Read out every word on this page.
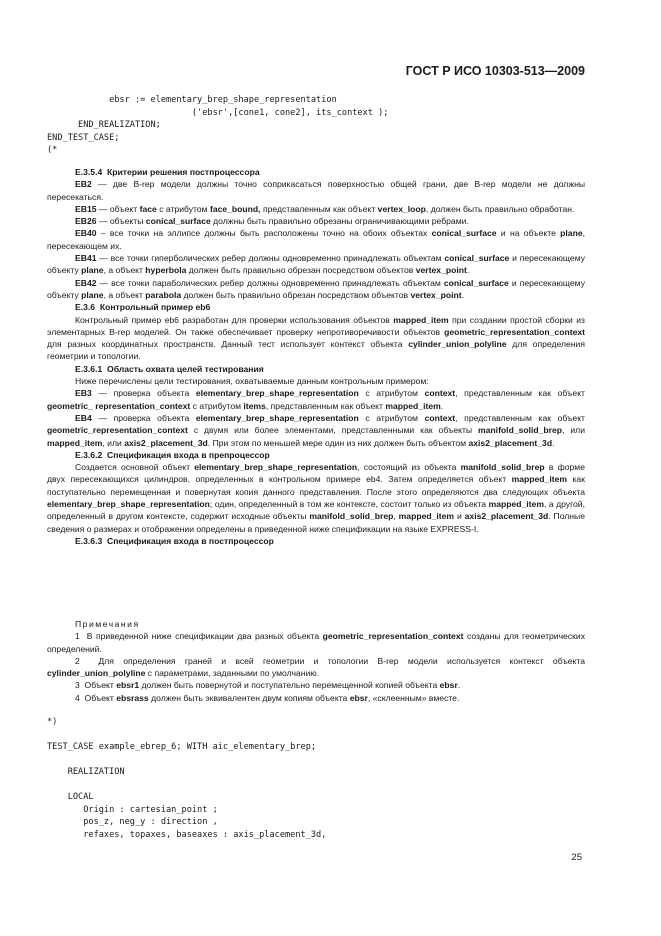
ГОСТ Р ИСО 10303-513—2009
ebsr := elementary_brep_shape_representation
('ebsr',[cone1, cone2], its_context );
END_REALIZATION;
END_TEST_CASE;
(*

E.3.5.4  Критерии решения постпроцессора

EB2 — две B-rep модели должны точно соприкасаться поверхностью общей грани, две B-rep модели не должны пересекаться.

EB15 — объект face с атрибутом face_bound, представленным как объект vertex_loop, должен быть правильно обработан.

EB26 — объекты conical_surface должны быть правильно обрезаны ограничивающими ребрами.

EB40 – все точки на эллипсе должны быть расположены точно на обоих объектах conical_surface и на объекте plane, пересекающем их.

EB41 — все точки гиперболических ребер должны одновременно принадлежать объектам conical_surface и пересекающему объекту plane, а объект hyperbola должен быть правильно обрезан посредством объектов vertex_point.

EB42 — все точки параболических ребер должны одновременно принадлежать объектам conical_surface и пересекающему объекту plane, а объект parabola должен быть правильно обрезан посредством объектов vertex_point.

E.3.6  Контрольный пример eb6

Контрольный пример eb6 разработан для проверки использования объектов mapped_item при создании простой сборки из элементарных B-rep моделей. Он также обеспечивает проверку непротиворечивости объектов geometric_representation_context для разных координатных пространств. Данный тест использует контекст объекта cylinder_union_polyline для определения геометрии и топологии.

E.3.6.1  Область охвата целей тестирования

Ниже перечислены цели тестирования, охватываемые данным контрольным примером:

EB3 — проверка объекта elementary_brep_shape_representation с атрибутом context, представленным как объект geometric_ representation_context с атрибутом items, представленным как объект mapped_item.

EB4 — проверка объекта elementary_brep_shape_representation с атрибутом context, представленным как объект geometric_representation_context с двумя или более элементами, представленными как объекты manifold_solid_brep, или mapped_item, или axis2_placement_3d. При этом по меньшей мере один из них должен быть объектом axis2_placement_3d.

E.3.6.2  Спецификация входа в препроцессор

Создается основной объект elementary_brep_shape_representation, состоящий из объекта manifold_solid_brep в форме двух пересекающихся цилиндров, определенных в контрольном примере eb4. Затем определяется объект mapped_item как поступательно перемещенная и повернутая копия данного представления. После этого определяются два следующих объекта elementary_brep_shape_representation; один, определенный в том же контексте, состоит только из объекта mapped_item, а другой, определенный в другом контексте, содержит исходные объекты manifold_solid_brep, mapped_item и axis2_placement_3d. Полные сведения о размерах и отображении определены в приведенной ниже спецификации на языке EXPRESS-I.

E.3.6.3  Спецификация входа в постпроцессор

Примечания

1  В приведенной ниже спецификации два разных объекта geometric_representation_context созданы для геометрических определений.

2  Для определения граней и всей геометрии и топологии B-rep модели используется контекст объекта cylinder_union_polyline с параметрами, заданными по умолчанию.

3  Объект ebsr1 должен быть повернутой и поступательно перемещенной копией объекта ebsr.

4  Объект ebsrass должен быть эквивалентен двум копиям объекта ebsr, «склеенным» вместе.

*)

TEST_CASE example_ebrep_6; WITH aic_elementary_brep;

REALIZATION

LOCAL
Origin : cartesian_point ;
pos_z, neg_y : direction ,
refaxes, topaxes, baseaxes : axis_placement_3d,
25
